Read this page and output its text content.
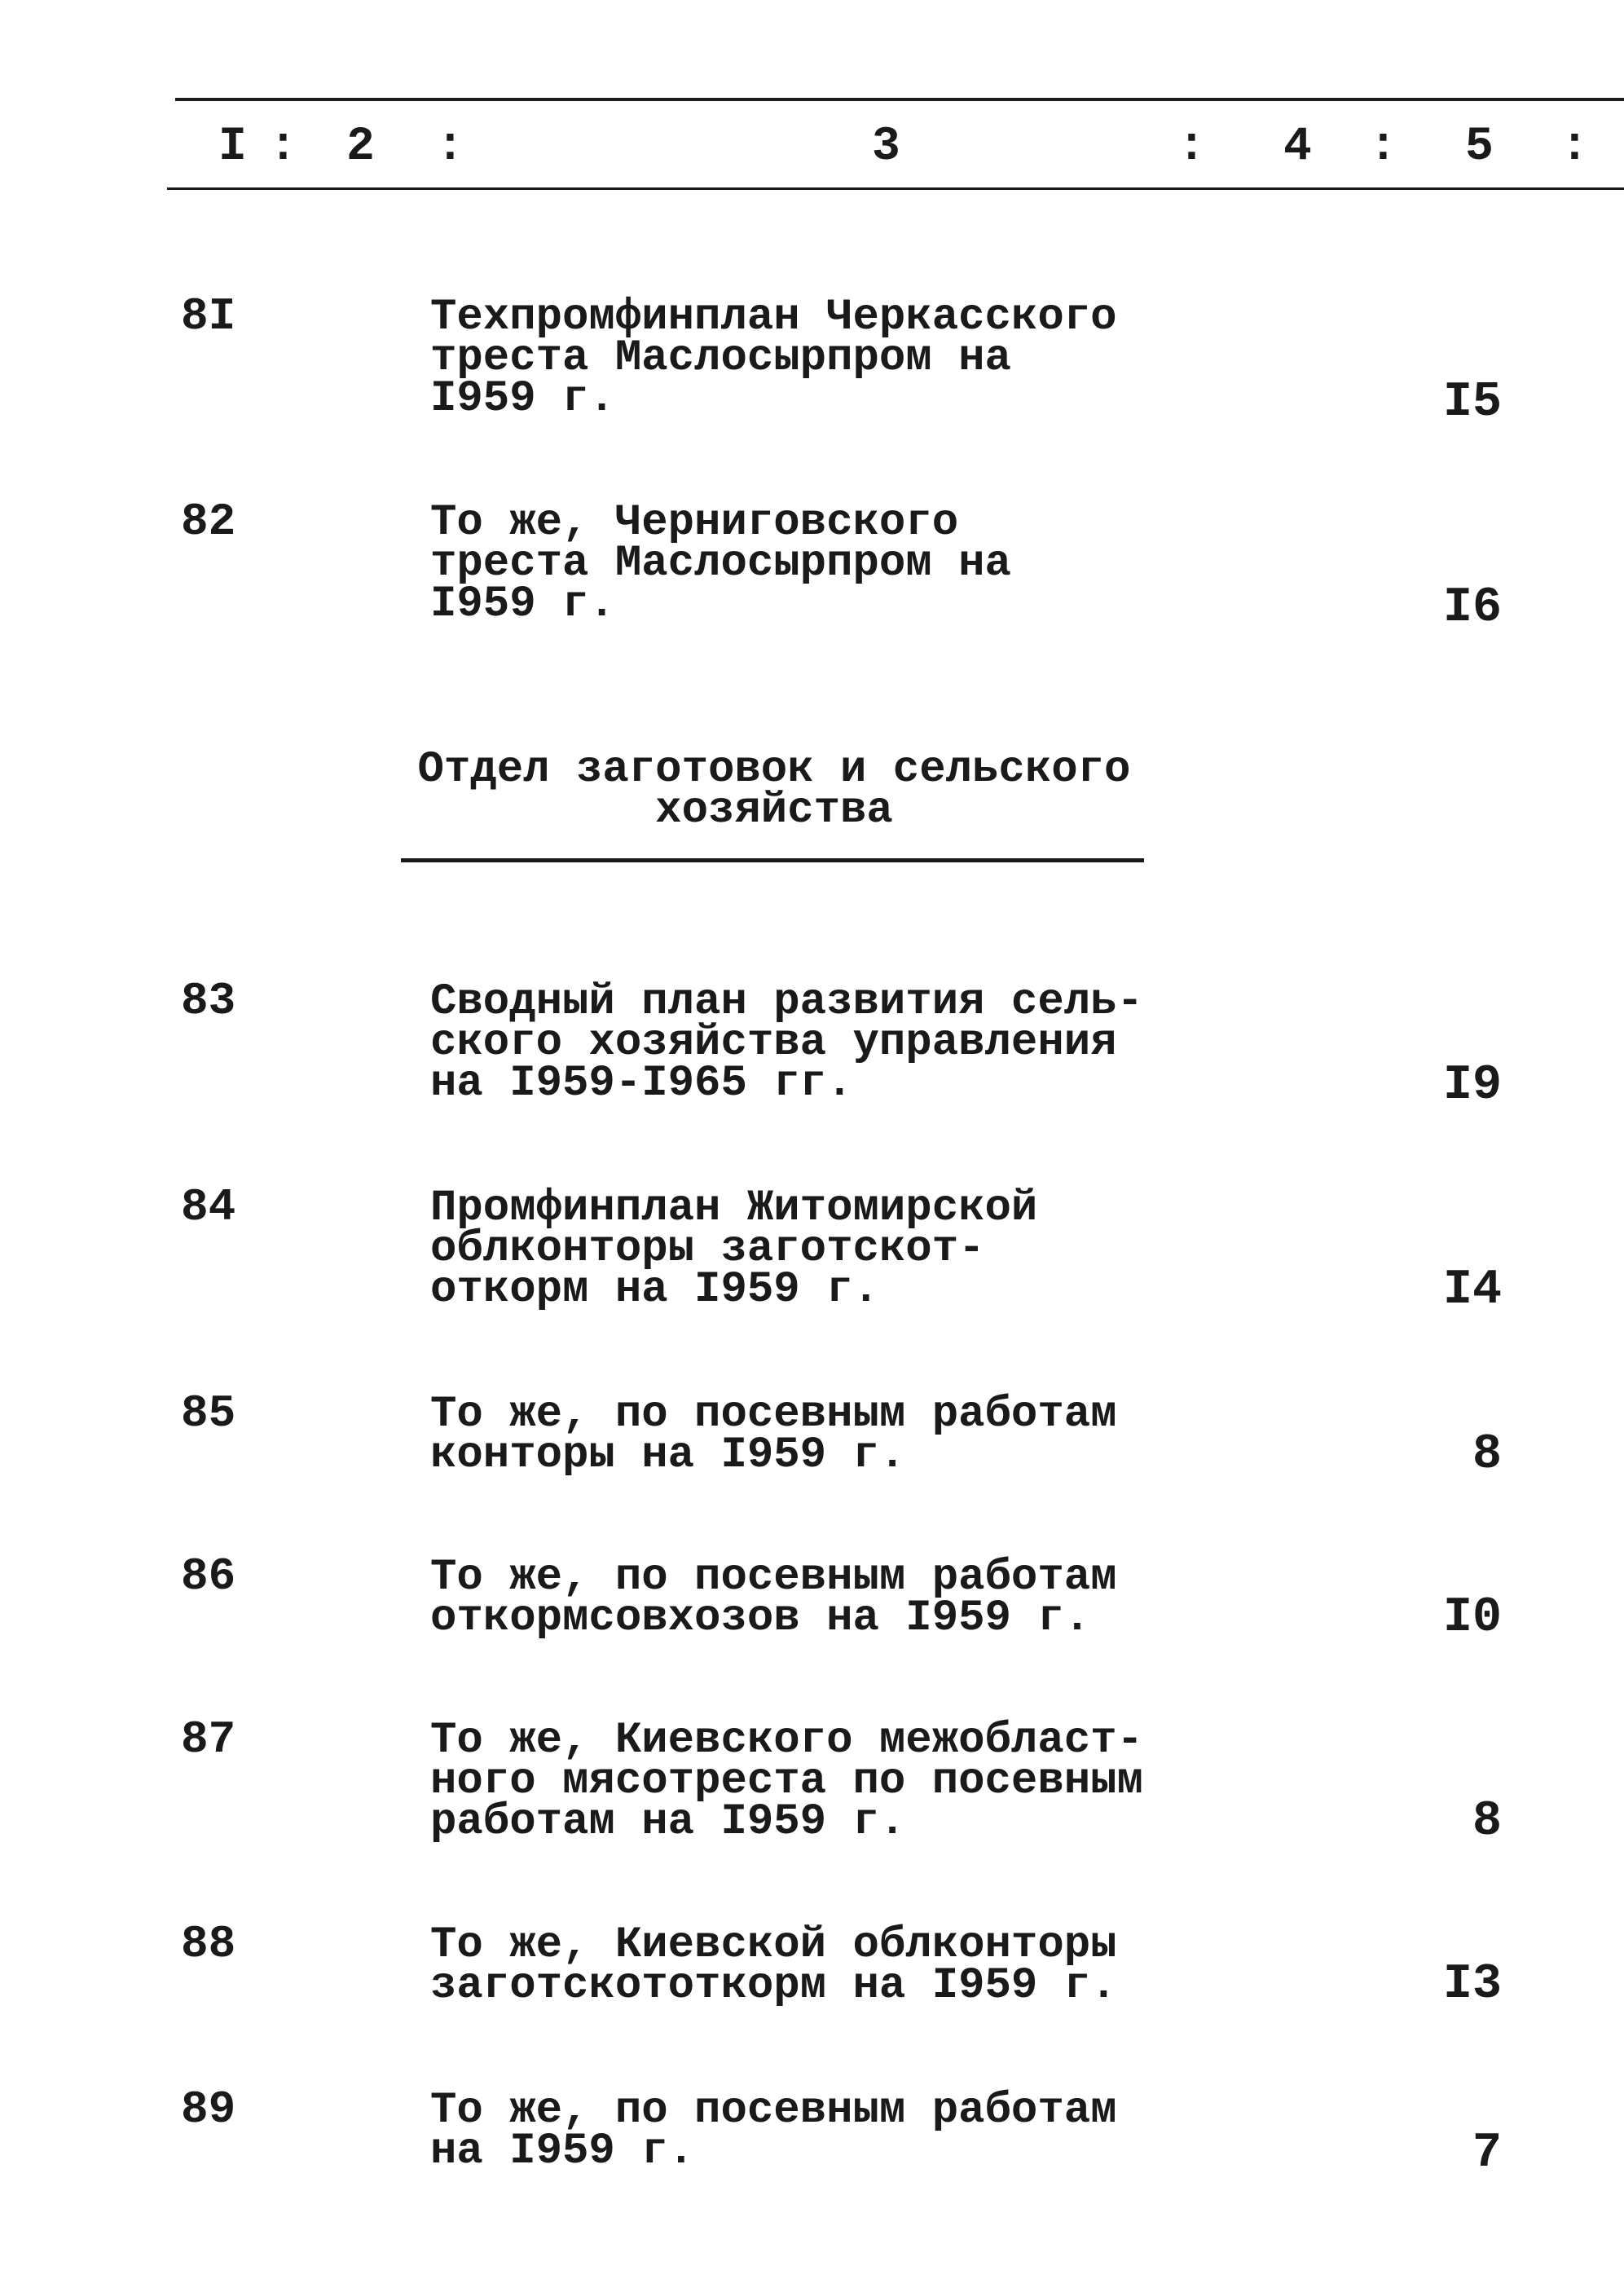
I : 2 :	3	: 4 : 5 :
8I	Техпромфинплан Черкасского
треста Маслосырпром на
I959 г.	I5
82	То же, Черниговского
треста Маслосырпром на
I959 г.	I6
Отдел заготовок и сельского
хозяйства
83	Сводный план развития сель-
ского хозяйства управления
на I959-I965 гг.	I9
84	Промфинплан Житомирской
облконторы заготскот-
откорм на I959 г.	I4
85	То же, по посевным работам
конторы на I959 г.	8
86	То же, по посевным работам
откормсовхозов на I959 г.	I0
87	То же, Киевского межобласт-
ного мясотреста по посевным
работам на I959 г.	8
88	То же, Киевской облконторы
заготскототкорм на I959 г.	I3
89	То же, по посевным работам
на I959 г.	7
